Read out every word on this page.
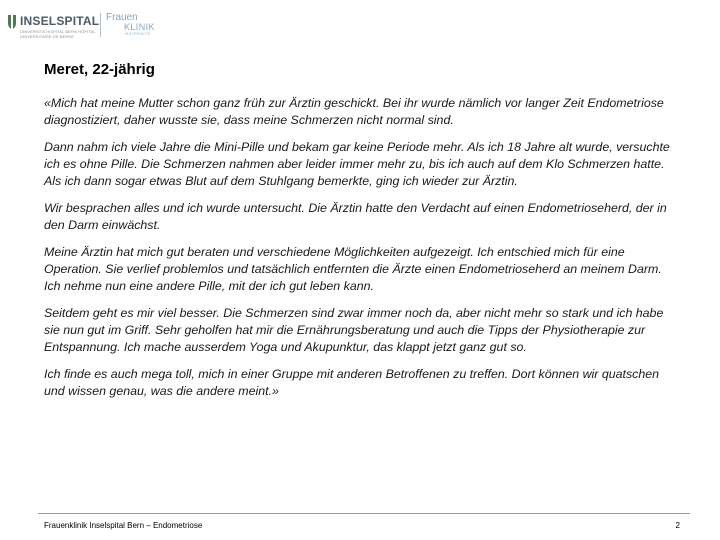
INSELSPITAL
UNIVERSITÄTSSPITAL BERN HÔPITAL UNIVERSITAIRE DE BERNE
Frauen
KLINIK
MATERNITÉ
Meret, 22-jährig

«Mich hat meine Mutter schon ganz früh zur Ärztin geschickt. Bei ihr wurde nämlich vor langer Zeit Endometriose diagnostiziert, daher wusste sie, dass meine Schmerzen nicht normal sind.

Dann nahm ich viele Jahre die Mini-Pille und bekam gar keine Periode mehr. Als ich 18 Jahre alt wurde, versuchte ich es ohne Pille. Die Schmerzen nahmen aber leider immer mehr zu, bis ich auch auf dem Klo Schmerzen hatte. Als ich dann sogar etwas Blut auf dem Stuhlgang bemerkte, ging ich wieder zur Ärztin.

Wir besprachen alles und ich wurde untersucht. Die Ärztin hatte den Verdacht auf einen Endometrioseherd, der in den Darm einwächst.

Meine Ärztin hat mich gut beraten und verschiedene Möglichkeiten aufgezeigt. Ich entschied mich für eine Operation. Sie verlief problemlos und tatsächlich entfernten die Ärzte einen Endometrioseherd an meinem Darm. Ich nehme nun eine andere Pille, mit der ich gut leben kann.

Seitdem geht es mir viel besser. Die Schmerzen sind zwar immer noch da, aber nicht mehr so stark und ich habe sie nun gut im Griff. Sehr geholfen hat mir die Ernährungsberatung und auch die Tipps der Physiotherapie zur Entspannung. Ich mache ausserdem Yoga und Akupunktur, das klappt jetzt ganz gut so.

Ich finde es auch mega toll, mich in einer Gruppe mit anderen Betroffenen zu treffen. Dort können wir quatschen und wissen genau, was die andere meint.»

Frauenklinik Inselspital Bern – Endometriose	2
